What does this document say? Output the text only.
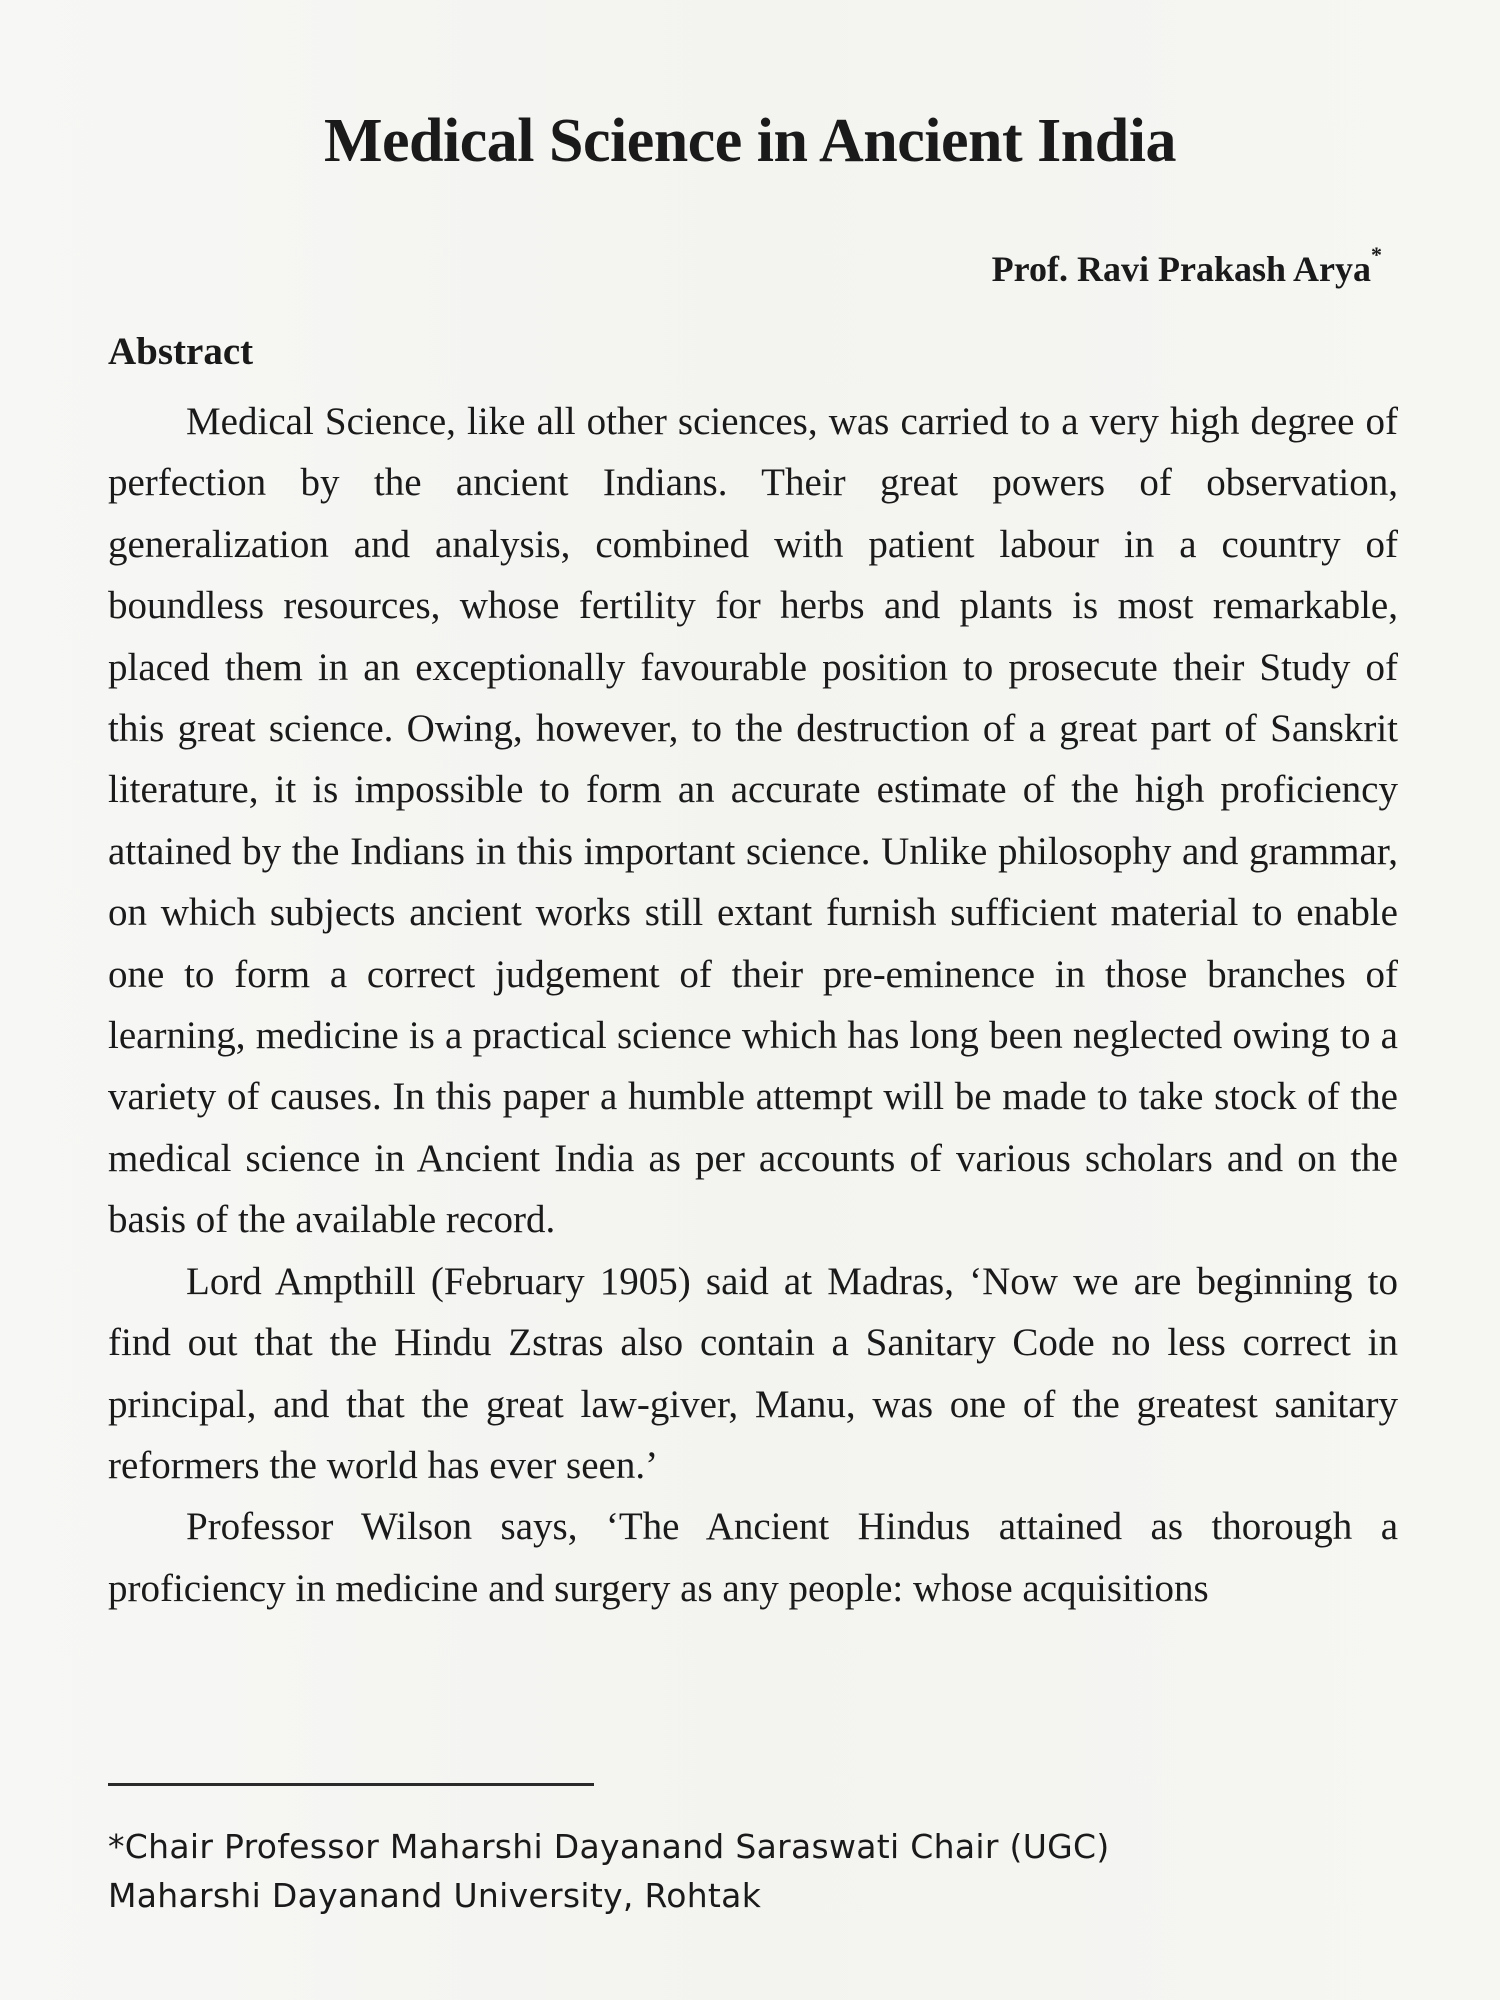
Medical Science in Ancient India
Prof. Ravi Prakash Arya*
Abstract

Medical Science, like all other sciences, was carried to a very high degree of perfection by the ancient Indians. Their great powers of observation, generalization and analysis, combined with patient labour in a country of boundless resources, whose fertility for herbs and plants is most remarkable, placed them in an exceptionally favourable position to prosecute their Study of this great science. Owing, however, to the destruction of a great part of Sanskrit literature, it is impossible to form an accurate estimate of the high proficiency attained by the Indians in this important science. Unlike philosophy and grammar, on which subjects ancient works still extant furnish sufficient material to enable one to form a correct judgement of their pre-eminence in those branches of learning, medicine is a practical science which has long been neglected owing to a variety of causes. In this paper a humble attempt will be made to take stock of the medical science in Ancient India as per accounts of various scholars and on the basis of the available record.

Lord Ampthill (February 1905) said at Madras, ‘Now we are beginning to find out that the Hindu Zstras also contain a Sanitary Code no less correct in principal, and that the great law-giver, Manu, was one of the greatest sanitary reformers the world has ever seen.’

Professor Wilson says, ‘The Ancient Hindus attained as thorough a proficiency in medicine and surgery as any people: whose acquisitions

*Chair Professor Maharshi Dayanand Saraswati Chair (UGC)
Maharshi Dayanand University, Rohtak
